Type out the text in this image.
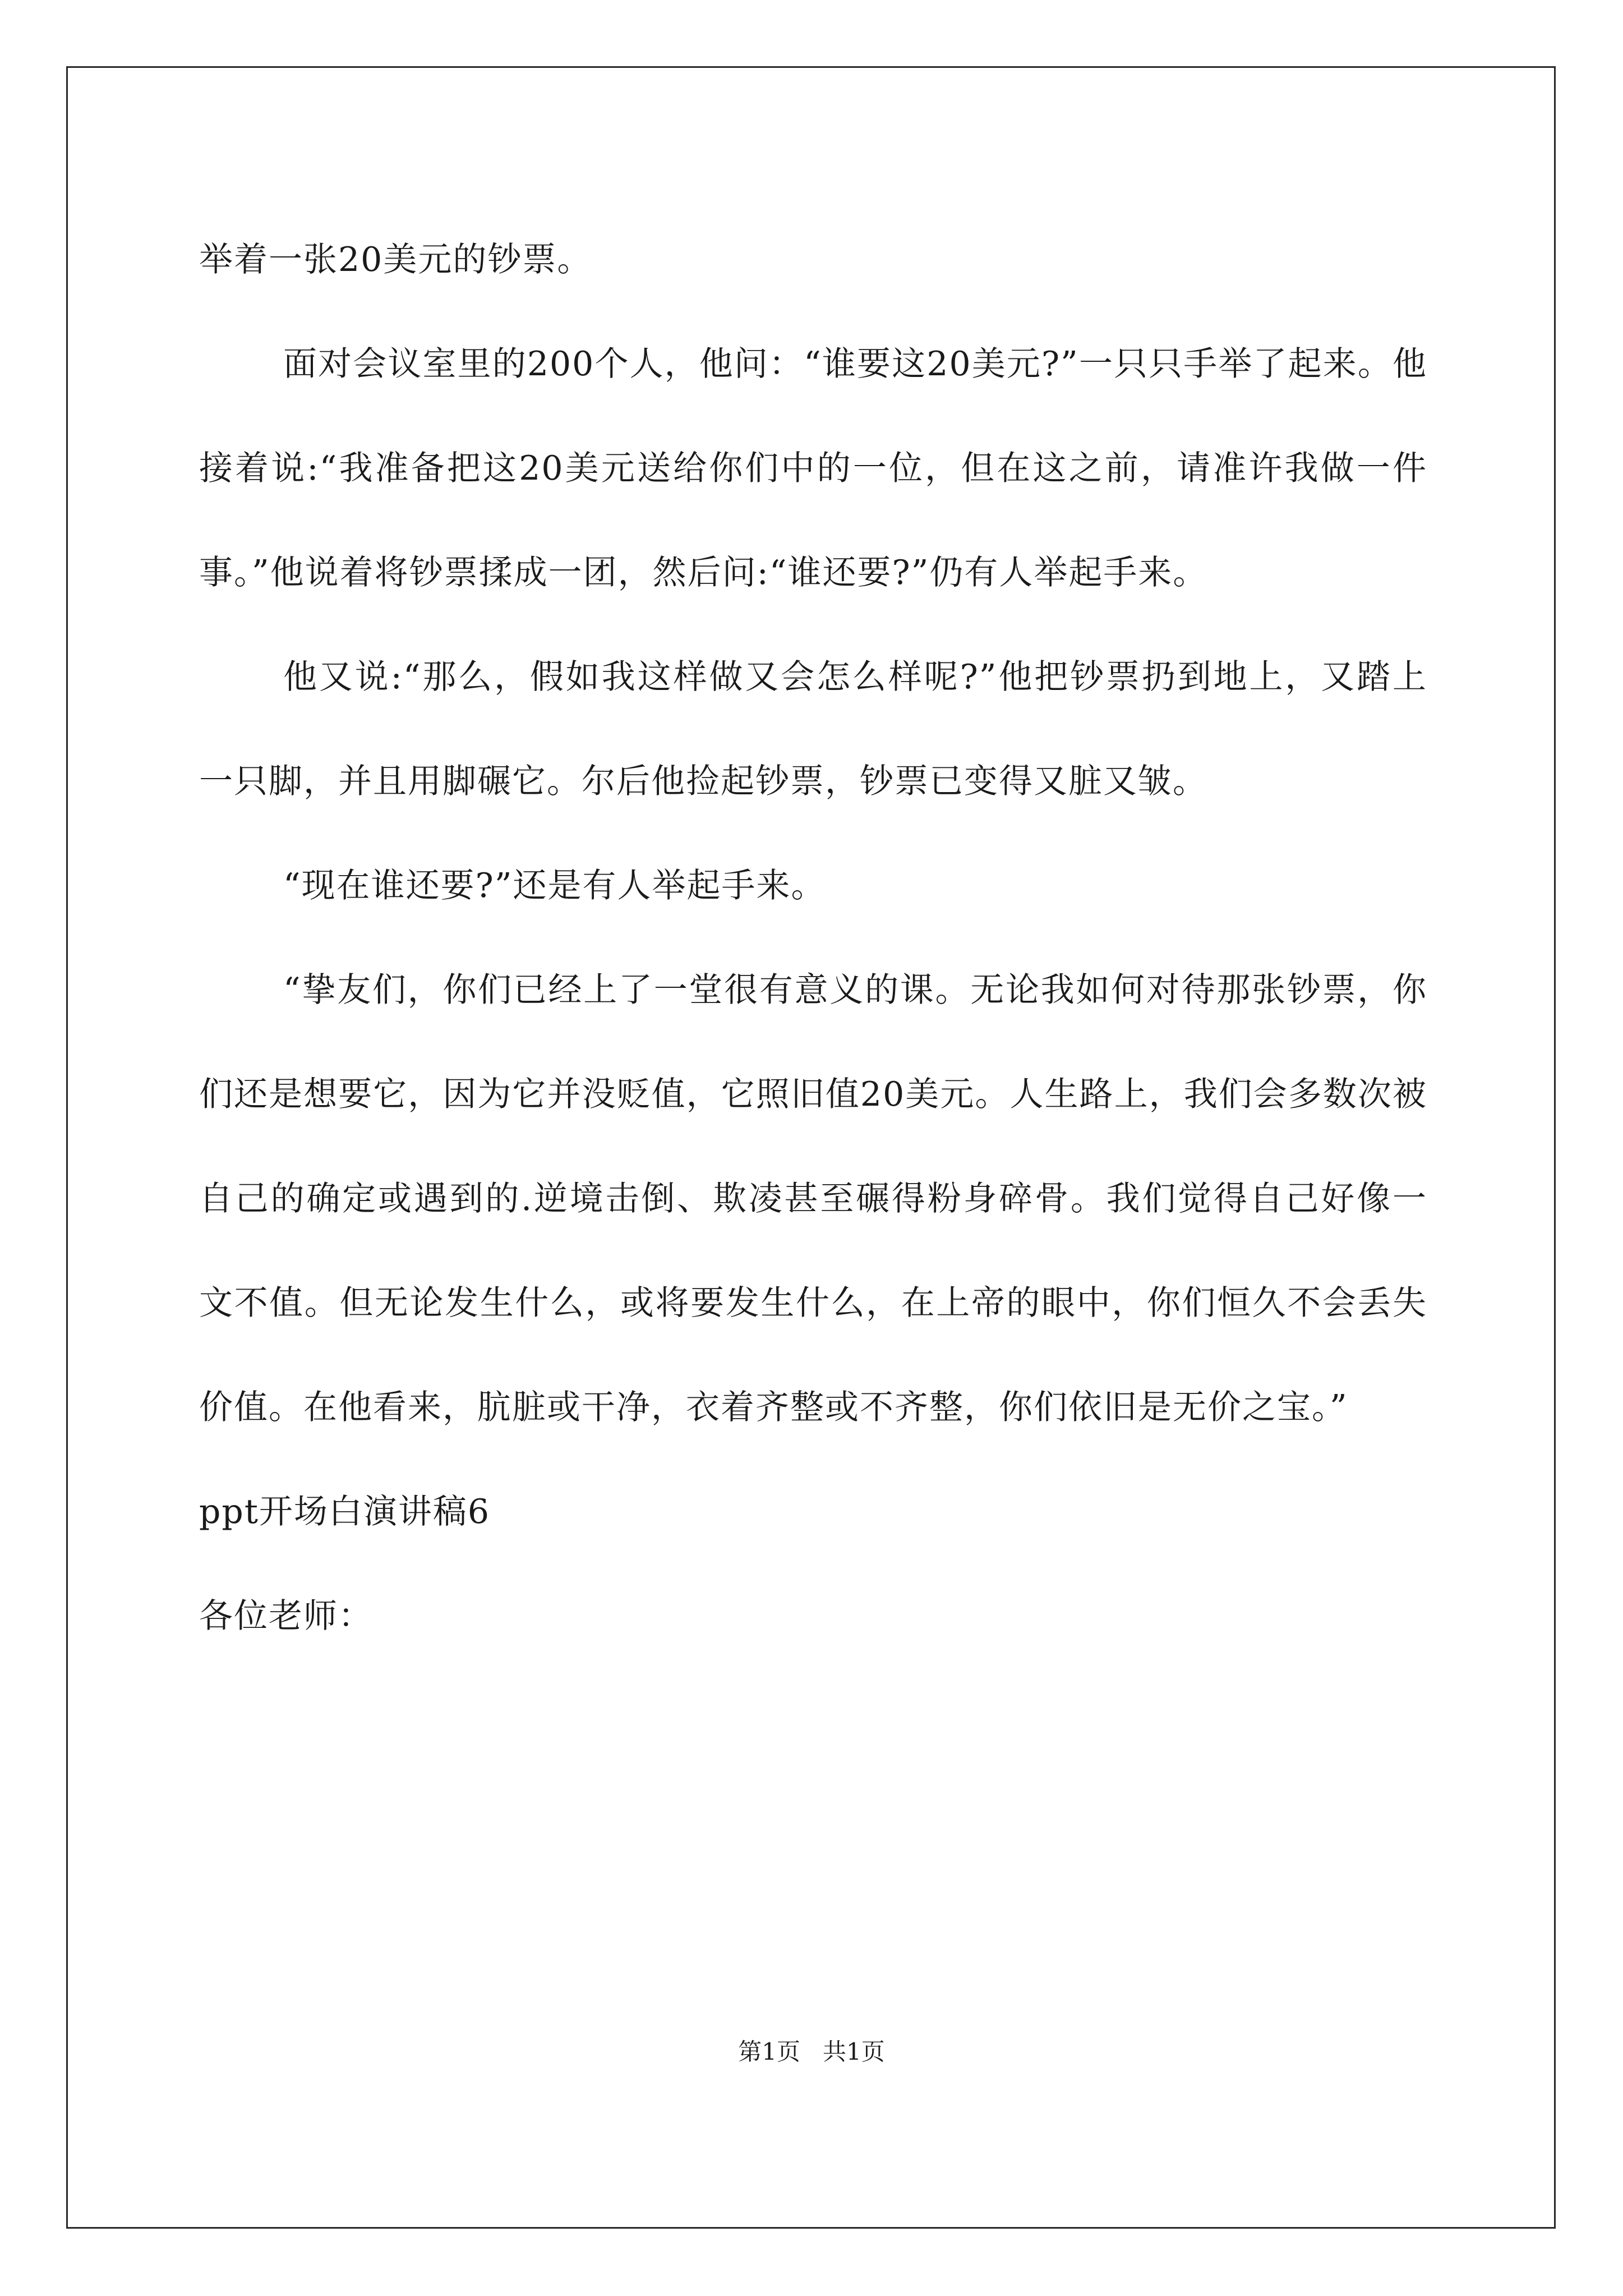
举着一张20美元的钞票。

面对会议室里的200个人，他问：“谁要这20美元?”一只只手举了起来。他接着说:“我准备把这20美元送给你们中的一位，但在这之前，请准许我做一件事。”他说着将钞票揉成一团，然后问:“谁还要?”仍有人举起手来。

他又说:“那么，假如我这样做又会怎么样呢?”他把钞票扔到地上，又踏上一只脚，并且用脚碾它。尔后他捡起钞票，钞票已变得又脏又皱。

“现在谁还要?”还是有人举起手来。

“挚友们，你们已经上了一堂很有意义的课。无论我如何对待那张钞票，你们还是想要它，因为它并没贬值，它照旧值20美元。人生路上，我们会多数次被自己的确定或遇到的.逆境击倒、欺凌甚至碾得粉身碎骨。我们觉得自己好像一文不值。但无论发生什么，或将要发生什么，在上帝的眼中，你们恒久不会丢失价值。在他看来，肮脏或干净，衣着齐整或不齐整，你们依旧是无价之宝。”

ppt开场白演讲稿6

各位老师：

第1页   共1页
